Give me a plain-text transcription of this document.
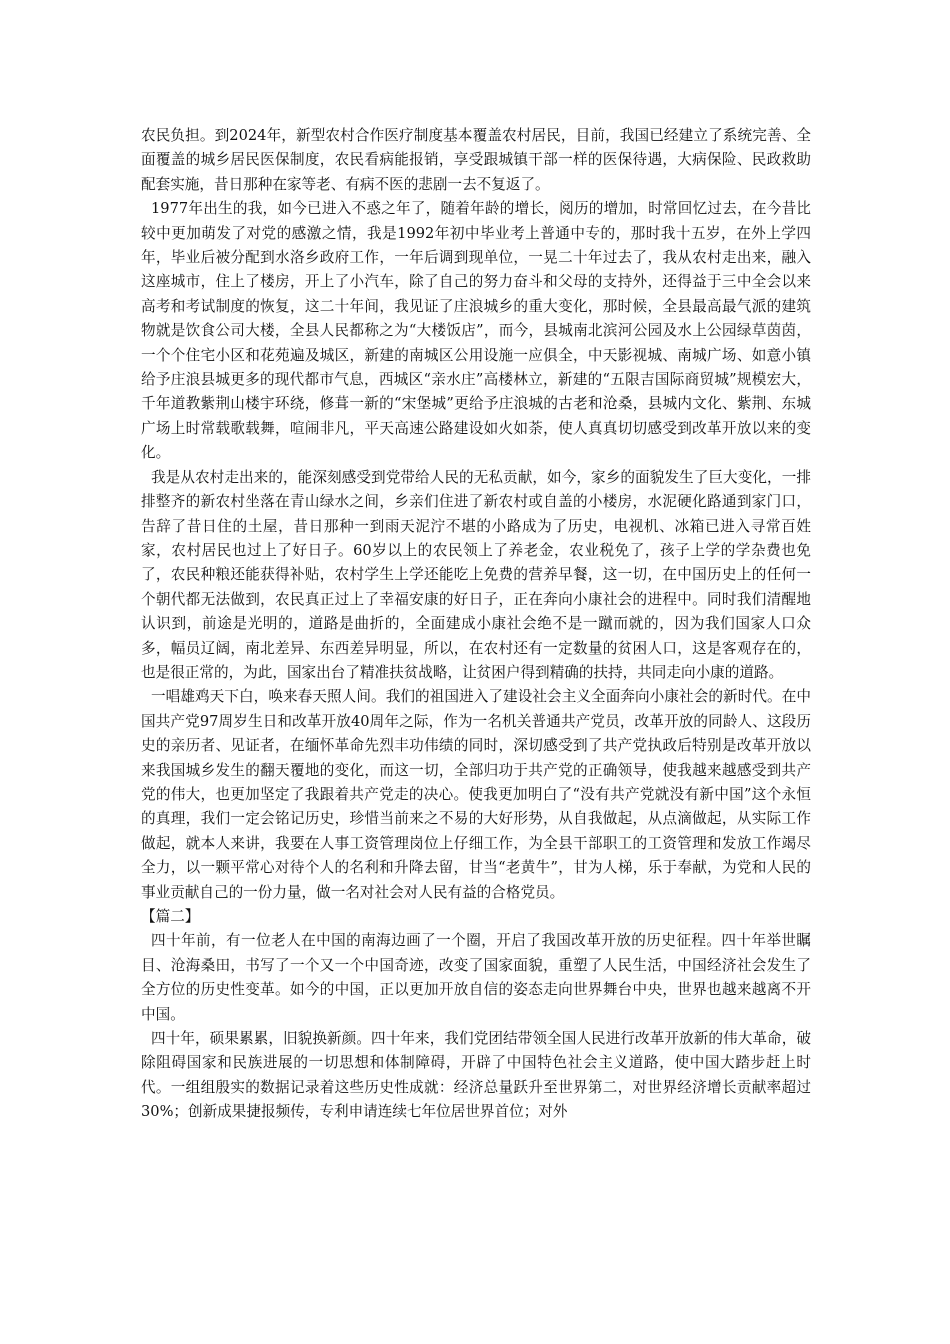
农民负担。到2024年，新型农村合作医疗制度基本覆盖农村居民，目前，我国已经建立了系统完善、全面覆盖的城乡居民医保制度，农民看病能报销，享受跟城镇干部一样的医保待遇，大病保险、民政救助配套实施，昔日那种在家等老、有病不医的悲剧一去不复返了。

1977年出生的我，如今已进入不惑之年了，随着年龄的增长，阅历的增加，时常回忆过去，在今昔比较中更加萌发了对党的感激之情，我是1992年初中毕业考上普通中专的，那时我十五岁，在外上学四年，毕业后被分配到水洛乡政府工作，一年后调到现单位，一晃二十年过去了，我从农村走出来，融入这座城市，住上了楼房，开上了小汽车，除了自己的努力奋斗和父母的支持外，还得益于三中全会以来高考和考试制度的恢复，这二十年间，我见证了庄浪城乡的重大变化，那时候，全县最高最气派的建筑物就是饮食公司大楼，全县人民都称之为“大楼饭店”，而今，县城南北滨河公园及水上公园绿草茵茵，一个个住宅小区和花苑遍及城区，新建的南城区公用设施一应俱全，中天影视城、南城广场、如意小镇给予庄浪县城更多的现代都市气息，西城区“亲水庄”高楼林立，新建的“五限吉国际商贸城”规模宏大，千年道教紫荆山楼宇环绕，修葺一新的“宋堡城”更给予庄浪城的古老和沧桑，县城内文化、紫荆、东城广场上时常载歌载舞，喧闹非凡，平天高速公路建设如火如荼，使人真真切切感受到改革开放以来的变化。

我是从农村走出来的，能深刻感受到党带给人民的无私贡献，如今，家乡的面貌发生了巨大变化，一排排整齐的新农村坐落在青山绿水之间，乡亲们住进了新农村或自盖的小楼房，水泥硬化路通到家门口，告辞了昔日住的土屋，昔日那种一到雨天泥泞不堪的小路成为了历史，电视机、冰箱已进入寻常百姓家，农村居民也过上了好日子。60岁以上的农民领上了养老金，农业税免了，孩子上学的学杂费也免了，农民种粮还能获得补贴，农村学生上学还能吃上免费的营养早餐，这一切，在中国历史上的任何一个朝代都无法做到，农民真正过上了幸福安康的好日子，正在奔向小康社会的进程中。同时我们清醒地认识到，前途是光明的，道路是曲折的，全面建成小康社会绝不是一蹴而就的，因为我们国家人口众多，幅员辽阔，南北差异、东西差异明显，所以，在农村还有一定数量的贫困人口，这是客观存在的，也是很正常的，为此，国家出台了精准扶贫战略，让贫困户得到精确的扶持，共同走向小康的道路。

一唱雄鸡天下白，唤来春天照人间。我们的祖国进入了建设社会主义全面奔向小康社会的新时代。在中国共产党97周岁生日和改革开放40周年之际，作为一名机关普通共产党员，改革开放的同龄人、这段历史的亲历者、见证者，在缅怀革命先烈丰功伟绩的同时，深切感受到了共产党执政后特别是改革开放以来我国城乡发生的翻天覆地的变化，而这一切，全部归功于共产党的正确领导，使我越来越感受到共产党的伟大，也更加坚定了我跟着共产党走的决心。使我更加明白了“没有共产党就没有新中国”这个永恒的真理，我们一定会铭记历史，珍惜当前来之不易的大好形势，从自我做起，从点滴做起，从实际工作做起，就本人来讲，我要在人事工资管理岗位上仔细工作，为全县干部职工的工资管理和发放工作竭尽全力，以一颗平常心对待个人的名利和升降去留，甘当“老黄牛”，甘为人梯，乐于奉献，为党和人民的事业贡献自己的一份力量，做一名对社会对人民有益的合格党员。

【篇二】

四十年前，有一位老人在中国的南海边画了一个圈，开启了我国改革开放的历史征程。四十年举世瞩目、沧海桑田，书写了一个又一个中国奇迹，改变了国家面貌，重塑了人民生活，中国经济社会发生了全方位的历史性变革。如今的中国，正以更加开放自信的姿态走向世界舞台中央，世界也越来越离不开中国。

四十年，硕果累累，旧貌换新颜。四十年来，我们党团结带领全国人民进行改革开放新的伟大革命，破除阻碍国家和民族进展的一切思想和体制障碍，开辟了中国特色社会主义道路，使中国大踏步赶上时代。一组组殷实的数据记录着这些历史性成就：经济总量跃升至世界第二，对世界经济增长贡献率超过30%；创新成果捷报频传，专利申请连续七年位居世界首位；对外
